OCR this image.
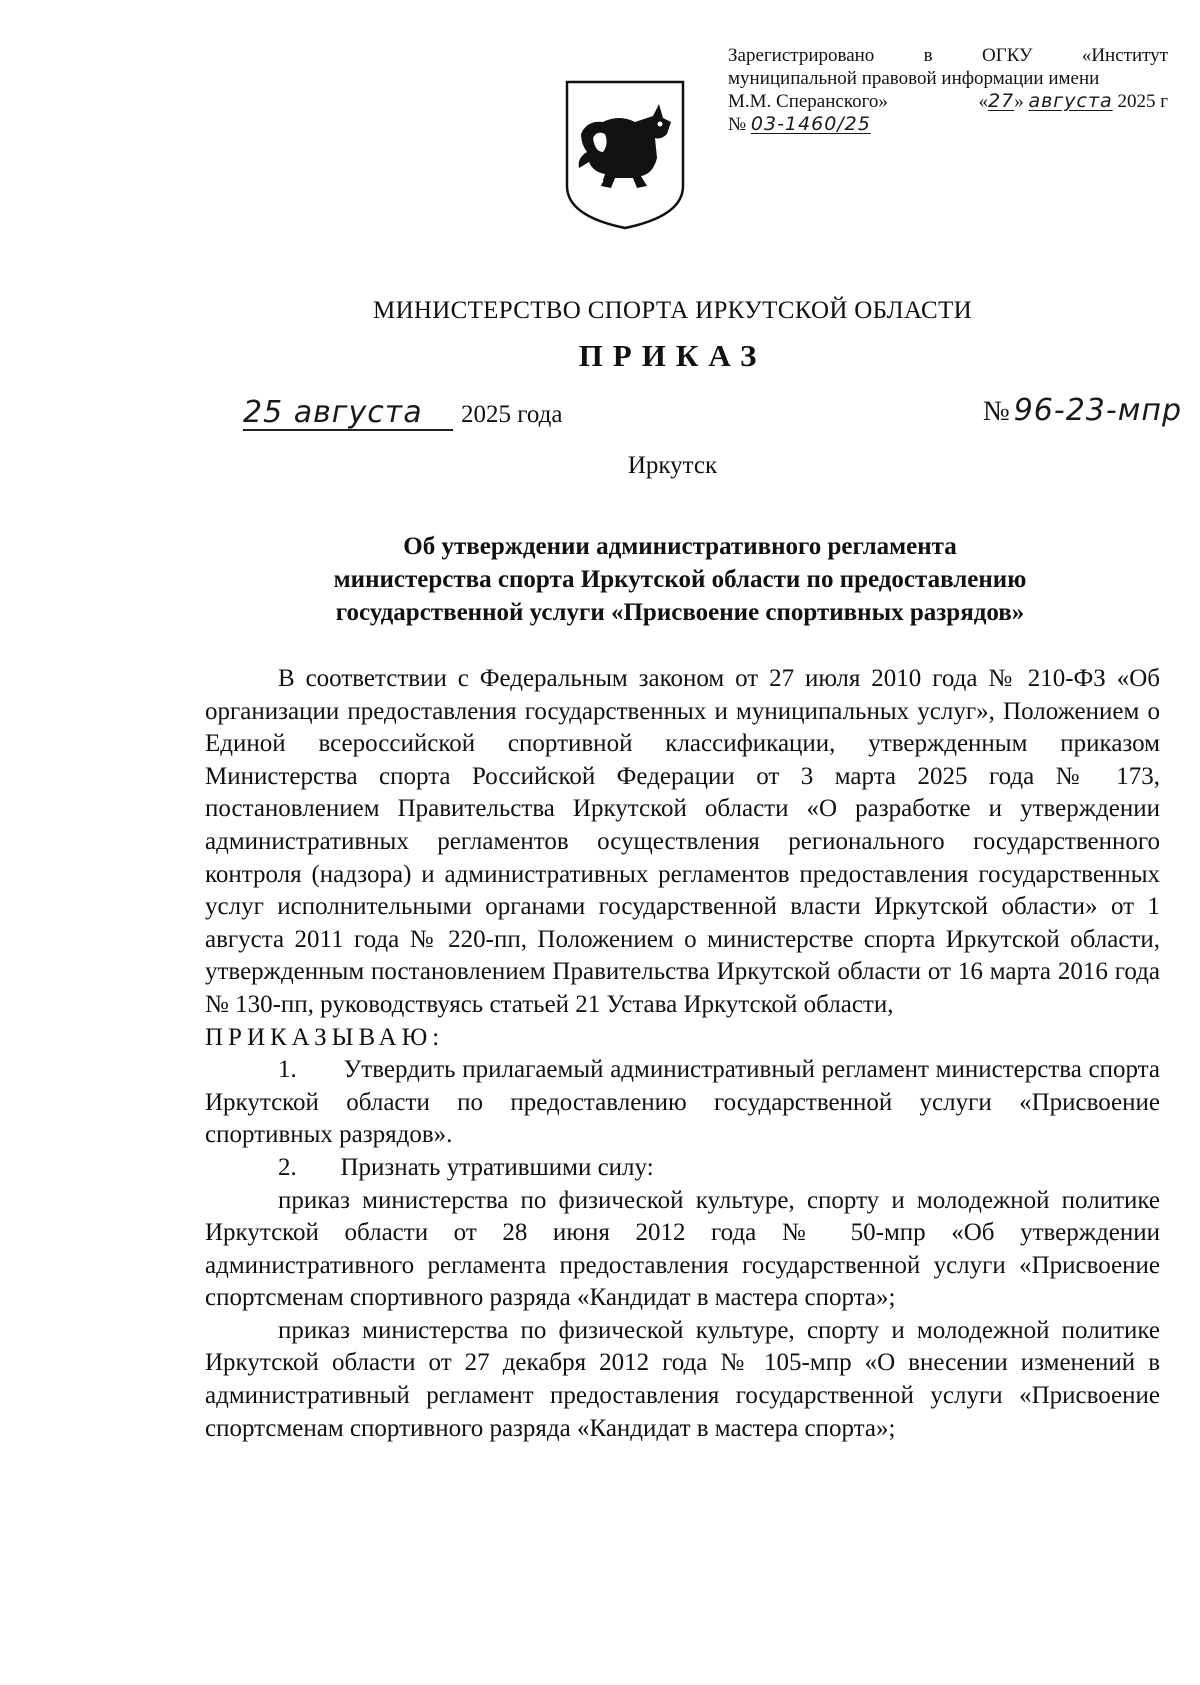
Зарегистрировано	в	ОГКУ	«Институт
муниципальной правовой информации имени
М.М. Сперанского»	«27» августа 2025 г
№
03-1460/25
МИНИСТЕРСТВО СПОРТА ИРКУТСКОЙ ОБЛАСТИ
ПРИКАЗ
25 августа	2025 года	№ 96-23-мпр
Иркутск
Об утверждении административного регламента
министерства спорта Иркутской области по предоставлению
государственной услуги «Присвоение спортивных разрядов»

В соответствии с Федеральным законом от 27 июля 2010 года № 210-ФЗ «Об организации предоставления государственных и муниципальных услуг», Положением о Единой всероссийской спортивной классификации, утвержденным приказом Министерства спорта Российской Федерации от 3 марта 2025 года № 173, постановлением Правительства Иркутской области «О разработке и утверждении административных регламентов осуществления регионального государственного контроля (надзора) и административных регламентов предоставления государственных услуг исполнительными органами государственной власти Иркутской области» от 1 августа 2011 года № 220-пп, Положением о министерстве спорта Иркутской области, утвержденным постановлением Правительства Иркутской области от 16 марта 2016 года № 130-пп, руководствуясь статьей 21 Устава Иркутской области,

ПРИКАЗЫВАЮ:

1.       Утвердить прилагаемый административный регламент министерства спорта Иркутской области по предоставлению государственной услуги «Присвоение спортивных разрядов».

2.       Признать утратившими силу:

приказ министерства по физической культуре, спорту и молодежной политике Иркутской области от 28 июня 2012 года № 50-мпр «Об утверждении административного регламента предоставления государственной услуги «Присвоение спортсменам спортивного разряда «Кандидат в мастера спорта»;

приказ министерства по физической культуре, спорту и молодежной политике Иркутской области от 27 декабря 2012 года № 105-мпр «О внесении изменений в административный регламент предоставления государственной услуги «Присвоение спортсменам спортивного разряда «Кандидат в мастера спорта»;
